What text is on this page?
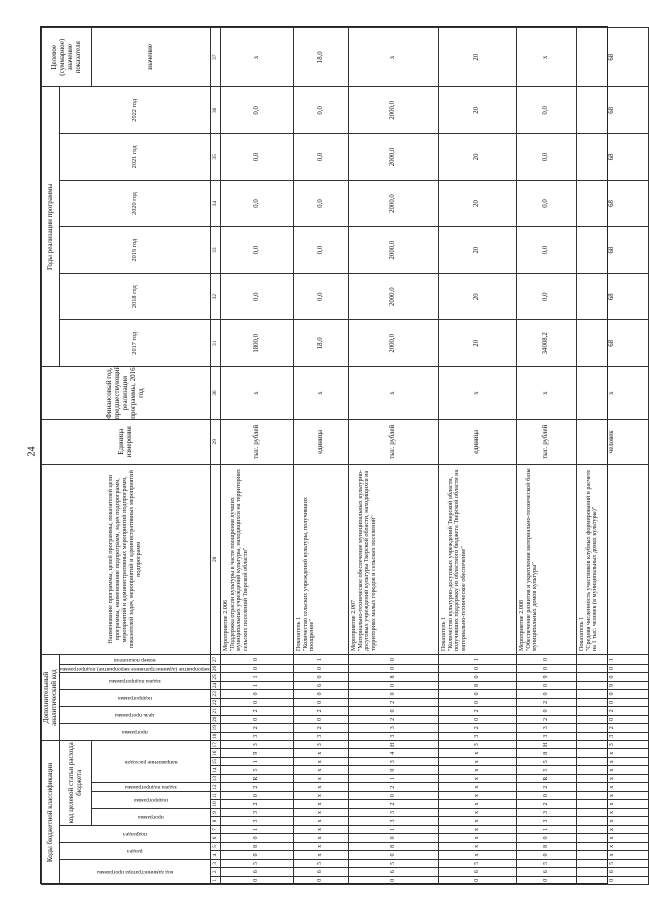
24
Коды бюджетной классификации																	Дополнительный аналитический код										Наименование программы, целей программы, показателей цели программы, наименование подпрограмм, задач подпрограмм, мероприятий и административных мероприятий подпрограмм, показателей задач, мероприятий и административных мероприятий подпрограмм	Единица измерения	Финансовый год, предшествующий реализации программы, 2016 год	Годы реализации программы						Целевое (суммарное) значение показателя

код администратора программы			раздел		подраздел		код целевой статьи расхода бюджета										программа		цель программы		подпрограмма		задача подпрограммы		мероприятие (административное мероприятие) подпрограммы	номер показателя				2017 год	2018 год	2019 год	2020 год	2021 год	2022 год	

							программа		подпрограмма		задача подпрограммы	направление расходов																								значение
1	2	3	4	5	6	7	8	9	10	11	12	13	14	15	16	17	18	19	20	21	22	23	24	25	26	27	28	29	30	31	32	33	34	35	36	37
0	6	5	0	8	0	1	3	3	2	0	2	R	5	1	9	3	3	2	0	2	0	0	1	1	0	0	Мероприятие 2.006 "Поддержка отрасли культуры в части поощрения лучших муниципальных учреждений культуры, находящихся на территориях сельских поселений Тверской области"	тыс. рублей	х	1800,0	0,0	0,0	0,0	0,0	0,0	х
0	6	5	x	x	x	x	x	x	x	x	x	x	x	x	x	3	3	2	0	2	0	0	6	0	0	1	Показатель 1 "Количество сельских учреждений культуры, получивших поощрение"	единица	х	18,0	0,0	0,0	0,0	0,0	0,0	18,0
0	6	5	0	8	0	1	3	3	2	0	2	1	0	3	4	Н	3	3	2	0	2	0	0	8	0	0	Мероприятие 2.007 "Материально-техническое обеспечение муниципальных культурно-досуговых учреждений культуры Тверской области, находящихся на территориях малых городов и сельских поселений"	тыс. рублей	х	2000,0	2000,0	2000,0	2000,0	2000,0	2000,0	х
0	6	5	x	x	x	x	x	x	x	x	x	x	x	x	x	3	3	2	0	2	0	0	8	0	0	1	Показатель 1 "Количество культурно-досуговых учреждений Тверской области, получивших поддержку из областного бюджета Тверской области на материально-техническое обеспечение"	единица	х	20	20	20	20	20	20	20
0	6	5	0	8	0	1	3	3	2	0	2	R	5	5	8	Н	3	3	2	0	2	0	0	9	0	0	Мероприятие 2.008 "Обеспечение развития и укрепления материально-технической базы муниципальных домов культуры"	тыс. рублей	х	34008,2	0,0	0,0	0,0	0,0	0,0	х
0	6	5	x	x	x	x	x	x	x	x	x	x	x	x	x	3	3	2	0	2	0	0	9	0	0	1	Показатель 1 "Средняя численность участников клубных формирований в расчете на 1 тыс. человек (в муниципальных домах культуры)"	человек	х	68	68	68	68	68	68	68
